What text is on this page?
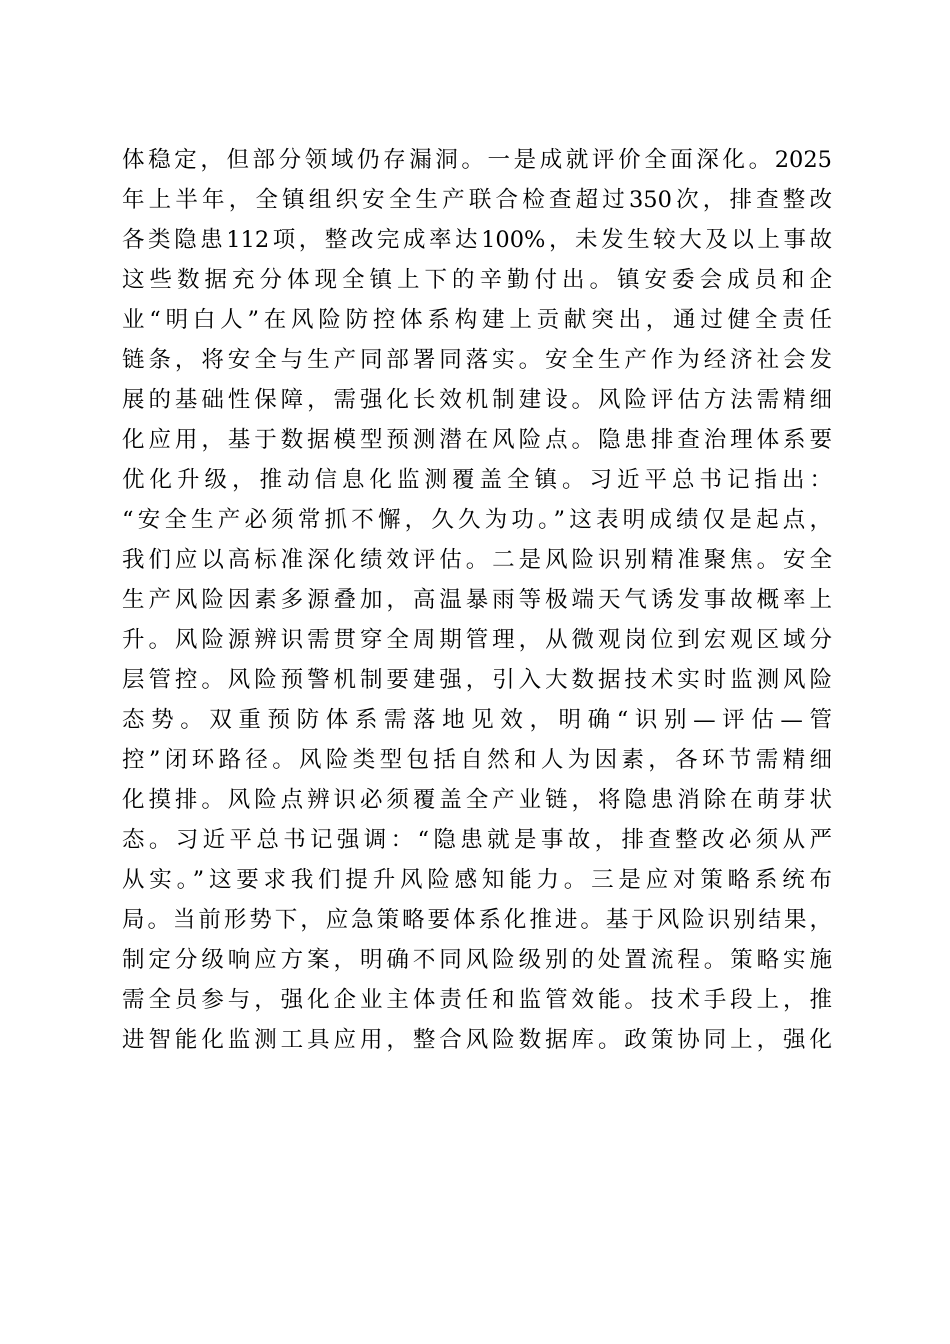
体稳定，但部分领域仍存漏洞。一是成就评价全面深化。2025
年上半年，全镇组织安全生产联合检查超过350次，排查整改
各类隐患112项，整改完成率达100%，未发生较大及以上事故
这些数据充分体现全镇上下的辛勤付出。镇安委会成员和企
业“明白人”在风险防控体系构建上贡献突出，通过健全责任
链条，将安全与生产同部署同落实。安全生产作为经济社会发
展的基础性保障，需强化长效机制建设。风险评估方法需精细
化应用，基于数据模型预测潜在风险点。隐患排查治理体系要
优化升级，推动信息化监测覆盖全镇。习近平总书记指出：
“安全生产必须常抓不懈，久久为功。”这表明成绩仅是起点，
我们应以高标准深化绩效评估。二是风险识别精准聚焦。安全
生产风险因素多源叠加，高温暴雨等极端天气诱发事故概率上
升。风险源辨识需贯穿全周期管理，从微观岗位到宏观区域分
层管控。风险预警机制要建强，引入大数据技术实时监测风险
态势。双重预防体系需落地见效，明确“识别—评估—管
控”闭环路径。风险类型包括自然和人为因素，各环节需精细
化摸排。风险点辨识必须覆盖全产业链，将隐患消除在萌芽状
态。习近平总书记强调：“隐患就是事故，排查整改必须从严
从实。”这要求我们提升风险感知能力。三是应对策略系统布
局。当前形势下，应急策略要体系化推进。基于风险识别结果，
制定分级响应方案，明确不同风险级别的处置流程。策略实施
需全员参与，强化企业主体责任和监管效能。技术手段上，推
进智能化监测工具应用，整合风险数据库。政策协同上，强化
